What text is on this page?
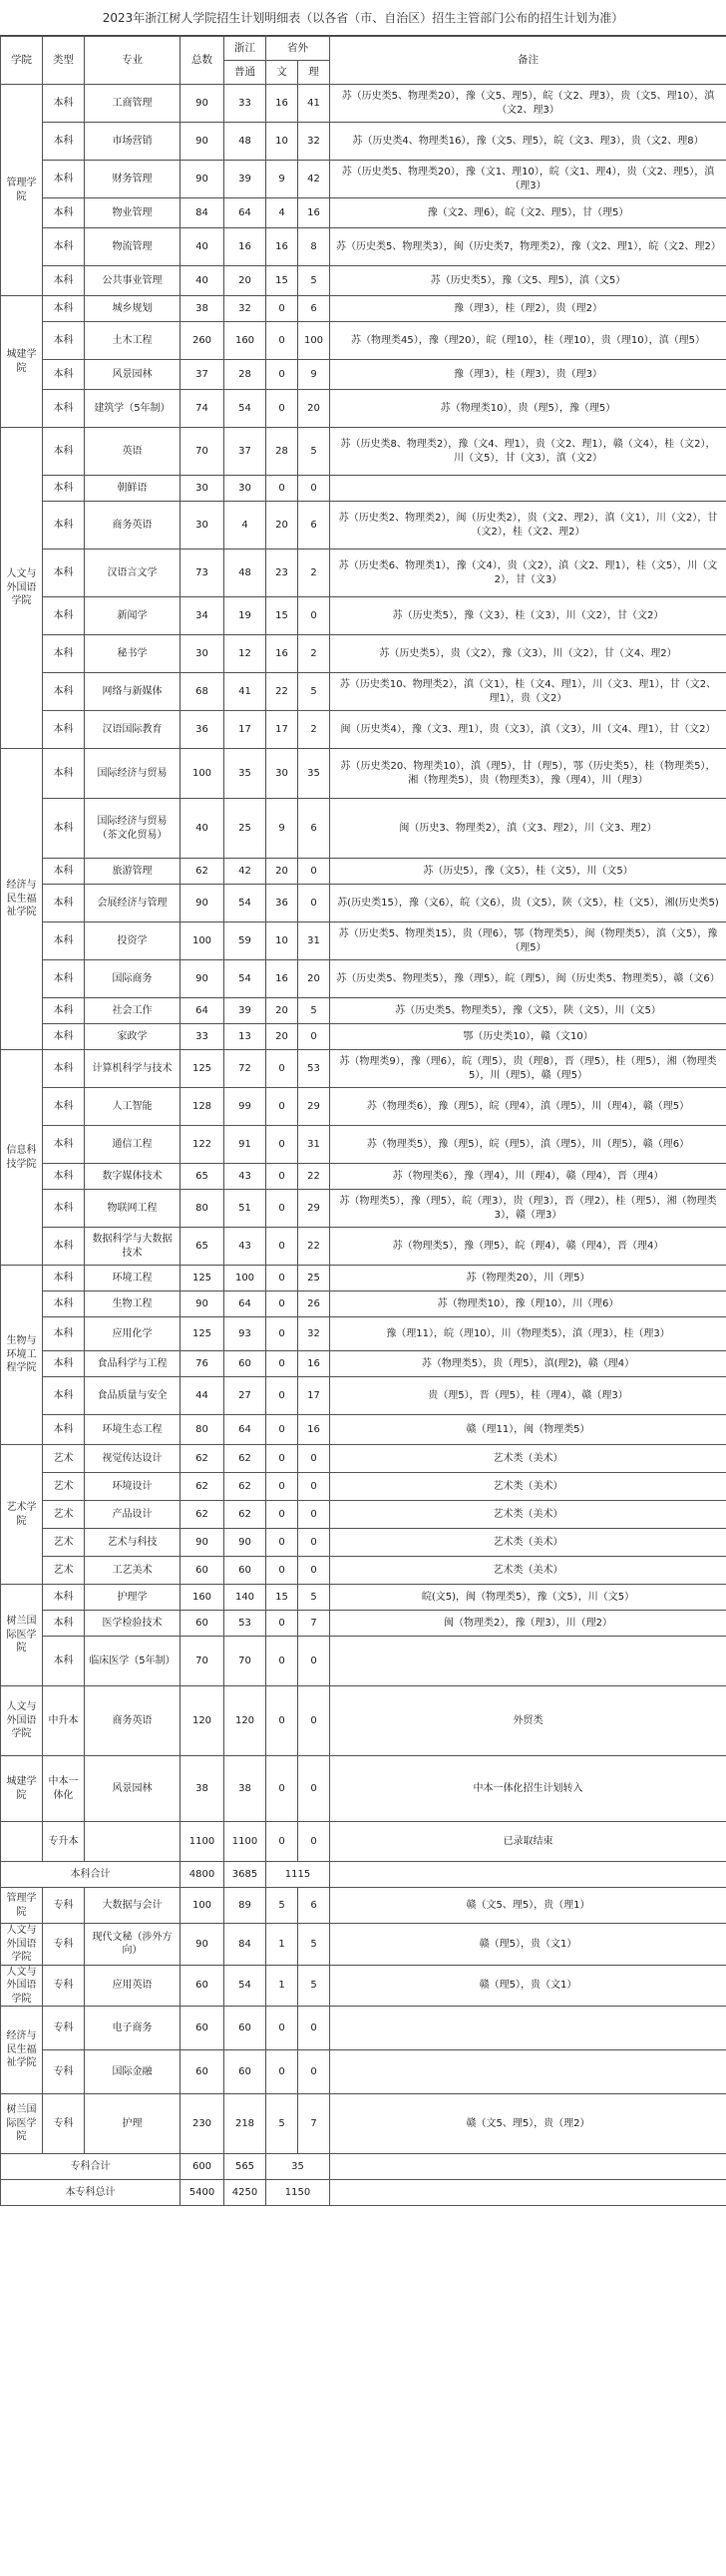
2023年浙江树人学院招生计划明细表（以各省（市、自治区）招生主管部门公布的招生计划为准）
学院	类型	专业	总数	浙江	省外		备注
				普通	文	理	
管理学院	本科	工商管理	90	33	16	41	苏（历史类5、物理类20），豫（文5、理5），皖（文2、理3），贵（文5、理10），滇（文2、理3）
	本科	市场营销	90	48	10	32	苏（历史类4、物理类16），豫（文5、理5），皖（文3、理3），贵（文2、理8）
	本科	财务管理	90	39	9	42	苏（历史类5、物理类20），豫（文1、理10），皖（文1、理4），贵（文2、理5），滇（理3）
	本科	物业管理	84	64	4	16	豫（文2、理6），皖（文2、理5），甘（理5）
	本科	物流管理	40	16	16	8	苏（历史类5、物理类3），闽（历史类7，物理类2），豫（文2、理1），皖（文2、理2）
	本科	公共事业管理	40	20	15	5	苏（历史类5），豫（文5、理5），滇（文5）
城建学院	本科	城乡规划	38	32	0	6	豫（理3），桂（理2），贵（理2）
	本科	土木工程	260	160	0	100	苏（物理类45），豫（理20），皖（理10），桂（理10），贵（理10），滇（理5）
	本科	风景园林	37	28	0	9	豫（理3），桂（理3），贵（理3）
	本科	建筑学（5年制）	74	54	0	20	苏（物理类10），贵（理5），豫（理5）
人文与外国语学院	本科	英语	70	37	28	5	苏（历史类8、物理类2），豫（文4、理1），贵（文2、理1），赣（文4），桂（文2），川（文5），甘（文3），滇（文2）
	本科	朝鲜语	30	30	0	0	
	本科	商务英语	30	4	20	6	苏（历史类2、物理类2），闽（历史类2），贵（文2、理2），滇（文1），川（文2），甘（文2），桂（文2、理2）
	本科	汉语言文学	73	48	23	2	苏（历史类6、物理类1），豫（文4），贵（文2），滇（文2、理1），桂（文5），川（文2），甘（文3）
	本科	新闻学	34	19	15	0	苏（历史类5），豫（文3），桂（文3），川（文2），甘（文2）
	本科	秘书学	30	12	16	2	苏（历史类5），贵（文2），豫（文3），川（文2），甘（文4、理2）
	本科	网络与新媒体	68	41	22	5	苏（历史类10、物理类2），滇（文1），桂（文4、理1），川（文3、理1），甘（文2、理1），贵（文2）
	本科	汉语国际教育	36	17	17	2	闽（历史类4），豫（文3、理1），贵（文3），滇（文3），川（文4、理1），甘（文2）
经济与民生福祉学院	本科	国际经济与贸易	100	35	30	35	苏（历史类20、物理类10），滇（理5），甘（理5），鄂（历史类5），桂（物理类5），湘（物理类5），贵（物理类3），豫（理4），川（理3）
	本科	国际经济与贸易（茶文化贸易）	40	25	9	6	闽（历史3、物理类2），滇（文3、理2），川（文3、理2）
	本科	旅游管理	62	42	20	0	苏（历史5），豫（文5），桂（文5），川（文5）
	本科	会展经济与管理	90	54	36	0	苏(历史类15），豫（文6），皖（文6），贵（文5），陕（文5），桂（文5），湘(历史类5)
	本科	投资学	100	59	10	31	苏（历史类5、物理类15），贵（理6），鄂（物理类5），闽（物理类5），滇（文5），豫（理5）
	本科	国际商务	90	54	16	20	苏（历史类5、物理类5），豫（理5），皖（理5），闽（历史类5、物理类5），赣（文6）
	本科	社会工作	64	39	20	5	苏（历史类5、物理类5），豫（文5），陕（文5），川（文5）
	本科	家政学	33	13	20	0	鄂（历史类10），赣（文10）
信息科技学院	本科	计算机科学与技术	125	72	0	53	苏（物理类9），豫（理6），皖（理5），贵（理8），晋（理5），桂（理5），湘（物理类5），川（理5），赣（理5）
	本科	人工智能	128	99	0	29	苏（物理类6），豫（理5），皖（理4），滇（理5），川（理4），赣（理5）
	本科	通信工程	122	91	0	31	苏（物理类5），豫（理5），皖（理5），滇（理5），川（理5），赣（理6）
	本科	数字媒体技术	65	43	0	22	苏（物理类6），豫（理4），川（理4），赣（理4），晋（理4）
	本科	物联网工程	80	51	0	29	苏（物理类5），豫（理5），皖（理3），贵（理3），晋（理2），桂（理5），湘（物理类3），赣（理3）
	本科	数据科学与大数据技术	65	43	0	22	苏（物理类5），豫（理5），皖（理4），赣（理4），晋（理4）
生物与环境工程学院	本科	环境工程	125	100	0	25	苏（物理类20），川（理5）
	本科	生物工程	90	64	0	26	苏（物理类10），豫（理10），川（理6）
	本科	应用化学	125	93	0	32	豫（理11），皖（理10），川（物理类5），滇（理3），桂（理3）
	本科	食品科学与工程	76	60	0	16	苏（物理类5），贵（理5），滇(理2)，赣（理4）
	本科	食品质量与安全	44	27	0	17	贵（理5），晋（理5），桂（理4），赣（理3）
	本科	环境生态工程	80	64	0	16	赣（理11），闽（物理类5）
艺术学院	艺术	视觉传达设计	62	62	0	0	艺术类（美术）
	艺术	环境设计	62	62	0	0	艺术类（美术）
	艺术	产品设计	62	62	0	0	艺术类（美术）
	艺术	艺术与科技	90	90	0	0	艺术类（美术）
	艺术	工艺美术	60	60	0	0	艺术类（美术）
树兰国际医学院	本科	护理学	160	140	15	5	皖(文5)，闽（物理类5），豫（文5），川（文5）
	本科	医学检验技术	60	53	0	7	闽（物理类2），豫（理3），川（理2）
	本科	临床医学（5年制）	70	70	0	0	
人文与外国语学院	中升本	商务英语	120	120	0	0	外贸类
城建学院	中本一体化	风景园林	38	38	0	0	中本一体化招生计划转入
	专升本		1100	1100	0	0	已录取结束
本科合计			4800	3685	1115		
管理学院	专科	大数据与会计	100	89	5	6	赣（文5、理5），贵（理1）
人文与外国语学院	专科	现代文秘（涉外方向）	90	84	1	5	赣（理5），贵（文1）
人文与外国语学院	专科	应用英语	60	54	1	5	赣（理5），贵（文1）
经济与民生福祉学院	专科	电子商务	60	60	0	0	
	专科	国际金融	60	60	0	0	
树兰国际医学院	专科	护理	230	218	5	7	赣（文5、理5），贵（理2）
专科合计			600	565	35		
本专科总计			5400	4250	1150		
